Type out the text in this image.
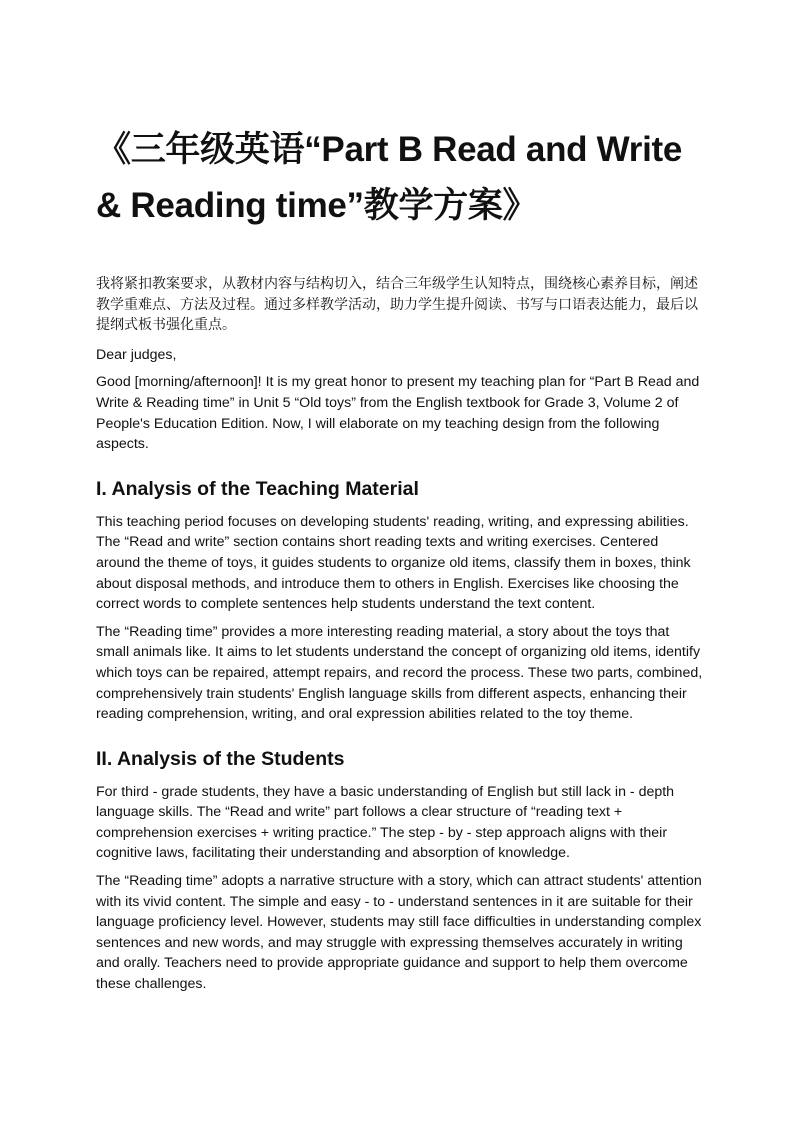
《三年级英语“Part B Read and Write
& Reading time”教学方案》

我将紧扣教案要求，从教材内容与结构切入，结合三年级学生认知特点，围绕核心素养目标，阐述教学重难点、方法及过程。通过多样教学活动，助力学生提升阅读、书写与口语表达能力，最后以提纲式板书强化重点。

Dear judges,

Good [morning/afternoon]! It is my great honor to present my teaching plan for “Part B Read and Write & Reading time” in Unit 5 “Old toys” from the English textbook for Grade 3, Volume 2 of People's Education Edition. Now, I will elaborate on my teaching design from the following aspects.

I. Analysis of the Teaching Material

This teaching period focuses on developing students' reading, writing, and expressing abilities. The “Read and write” section contains short reading texts and writing exercises. Centered around the theme of toys, it guides students to organize old items, classify them in boxes, think about disposal methods, and introduce them to others in English. Exercises like choosing the correct words to complete sentences help students understand the text content.

The “Reading time” provides a more interesting reading material, a story about the toys that small animals like. It aims to let students understand the concept of organizing old items, identify which toys can be repaired, attempt repairs, and record the process. These two parts, combined, comprehensively train students' English language skills from different aspects, enhancing their reading comprehension, writing, and oral expression abilities related to the toy theme.

II. Analysis of the Students

For third - grade students, they have a basic understanding of English but still lack in - depth language skills. The “Read and write” part follows a clear structure of “reading text + comprehension exercises + writing practice.” The step - by - step approach aligns with their cognitive laws, facilitating their understanding and absorption of knowledge.

The “Reading time” adopts a narrative structure with a story, which can attract students' attention with its vivid content. The simple and easy - to - understand sentences in it are suitable for their language proficiency level. However, students may still face difficulties in understanding complex sentences and new words, and may struggle with expressing themselves accurately in writing and orally. Teachers need to provide appropriate guidance and support to help them overcome these challenges.
